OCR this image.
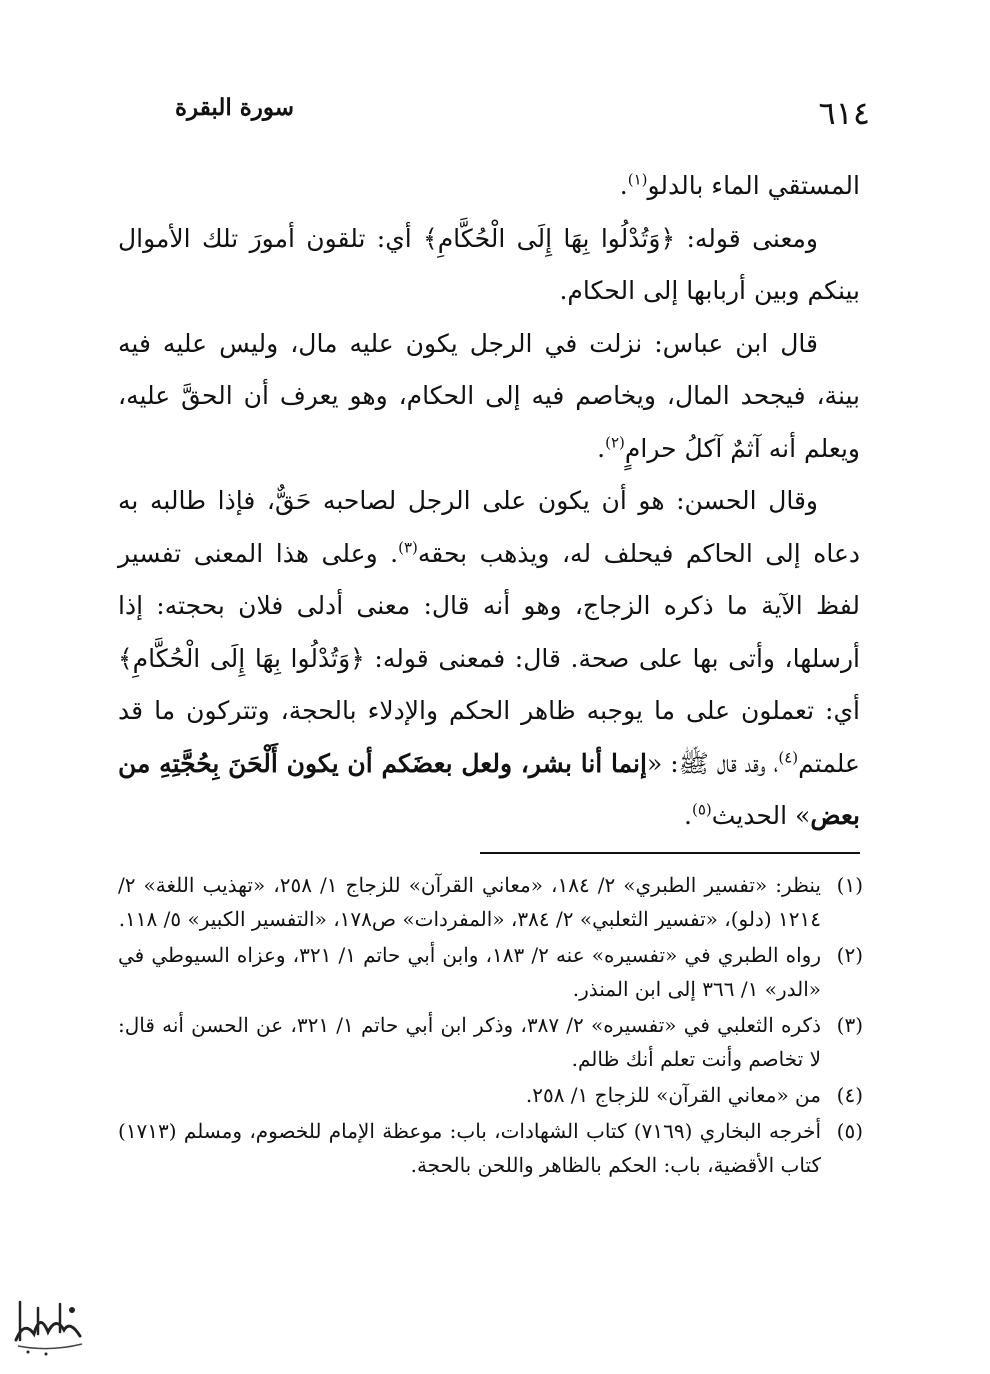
٦١٤
سورة البقرة

المستقي الماء بالدلو$^{(١)}$.

ومعنى قوله: ﴿وَتُدْلُوا بِهَا إِلَى الْحُكَّامِ﴾ أي: تلقون أمورَ تلك الأموال بينكم وبين أربابها إلى الحكام.

قال ابن عباس: نزلت في الرجل يكون عليه مال، وليس عليه فيه بينة، فيجحد المال، ويخاصم فيه إلى الحكام، وهو يعرف أن الحقَّ عليه، ويعلم أنه آثمٌ آكلُ حرامٍ$^{(٢)}$.

وقال الحسن: هو أن يكون على الرجل لصاحبه حَقٌّ، فإذا طالبه به دعاه إلى الحاكم فيحلف له، ويذهب بحقه$^{(٣)}$. وعلى هذا المعنى تفسير لفظ الآية ما ذكره الزجاج، وهو أنه قال: معنى أدلى فلان بحجته: إذا أرسلها، وأتى بها على صحة. قال: فمعنى قوله: ﴿وَتُدْلُوا بِهَا إِلَى الْحُكَّامِ﴾ أي: تعملون على ما يوجبه ظاهر الحكم والإدلاء بالحجة، وتتركون ما قد علمتم$^{(٤)}$، وقد قال ﷺ: «إنما أنا بشر، ولعل بعضَكم أن يكون أَلْحَنَ بِحُجَّتِهِ من بعض» الحديث$^{(٥)}$.

(١)
ينظر: «تفسير الطبري» ٢/ ١٨٤، «معاني القرآن» للزجاج ١/ ٢٥٨، «تهذيب اللغة» ٢/ ١٢١٤ (دلو)، «تفسير الثعلبي» ٢/ ٣٨٤، «المفردات» ص١٧٨، «التفسير الكبير» ٥/ ١١٨.
(٢)
رواه الطبري في «تفسيره» عنه ٢/ ١٨٣، وابن أبي حاتم ١/ ٣٢١، وعزاه السيوطي في «الدر» ١/ ٣٦٦ إلى ابن المنذر.
(٣)
ذكره الثعلبي في «تفسيره» ٢/ ٣٨٧، وذكر ابن أبي حاتم ١/ ٣٢١، عن الحسن أنه قال: لا تخاصم وأنت تعلم أنك ظالم.
(٤)
من «معاني القرآن» للزجاج ١/ ٢٥٨.
(٥)
أخرجه البخاري (٧١٦٩) كتاب الشهادات، باب: موعظة الإمام للخصوم، ومسلم (١٧١٣) كتاب الأقضية، باب: الحكم بالظاهر واللحن بالحجة.
